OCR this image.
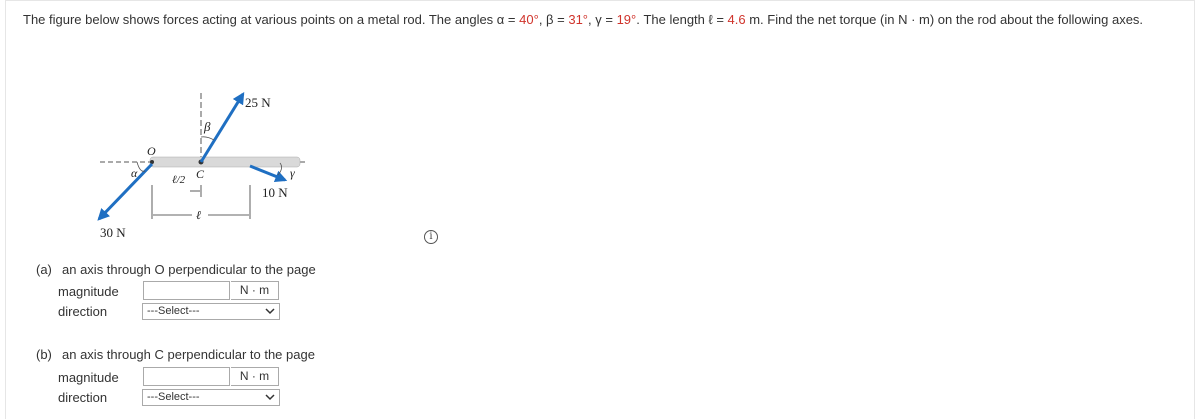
The figure below shows forces acting at various points on a metal rod. The angles α = 40°, β = 31°, γ = 19°. The length ℓ = 4.6 m. Find the net torque (in N · m) on the rod about the following axes.
25 N
30 N
10 N
O
C
α
β
γ
ℓ/2
ℓ
i
(a) an axis through O perpendicular to the page
magnitude	N · m
direction	---Select---
(b) an axis through C perpendicular to the page
magnitude	N · m
direction	---Select---
